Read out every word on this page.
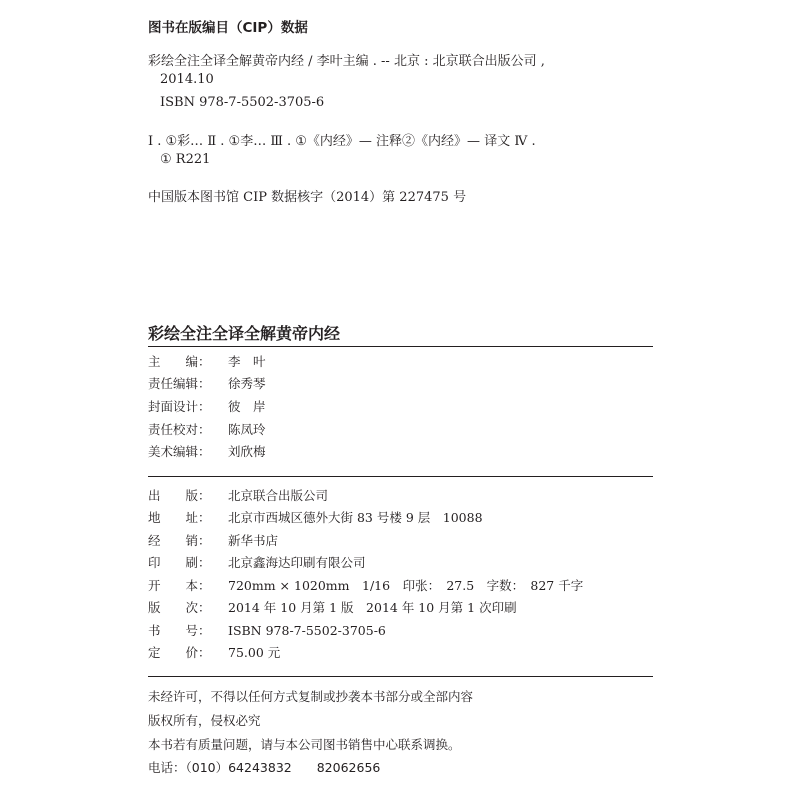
图书在版编目（CIP）数据
彩绘全注全译全解黄帝内经 / 李叶主编 . -- 北京 : 北京联合出版公司 ,
2014.10
ISBN 978-7-5502-3705-6
Ⅰ . ①彩… Ⅱ . ①李… Ⅲ . ①《内经》— 注释②《内经》— 译文 Ⅳ .
① R221
中国版本图书馆 CIP 数据核字（2014）第 227475 号
彩绘全注全译全解黄帝内经
主　　编： 李　叶
责任编辑： 徐秀琴
封面设计： 彼　岸
责任校对： 陈凤玲
美术编辑： 刘欣梅
出　　版： 北京联合出版公司
地　　址： 北京市西城区德外大街 83 号楼 9 层　10088
经　　销： 新华书店
印　　刷： 北京鑫海达印刷有限公司
开　　本： 720mm × 1020mm　1/16　印张：　27.5　字数：　827 千字
版　　次： 2014 年 10 月第 1 版　2014 年 10 月第 1 次印刷
书　　号： ISBN 978-7-5502-3705-6
定　　价： 75.00 元
未经许可，不得以任何方式复制或抄袭本书部分或全部内容
版权所有，侵权必究
本书若有质量问题，请与本公司图书销售中心联系调换。
电话：（010）64243832　　82062656
